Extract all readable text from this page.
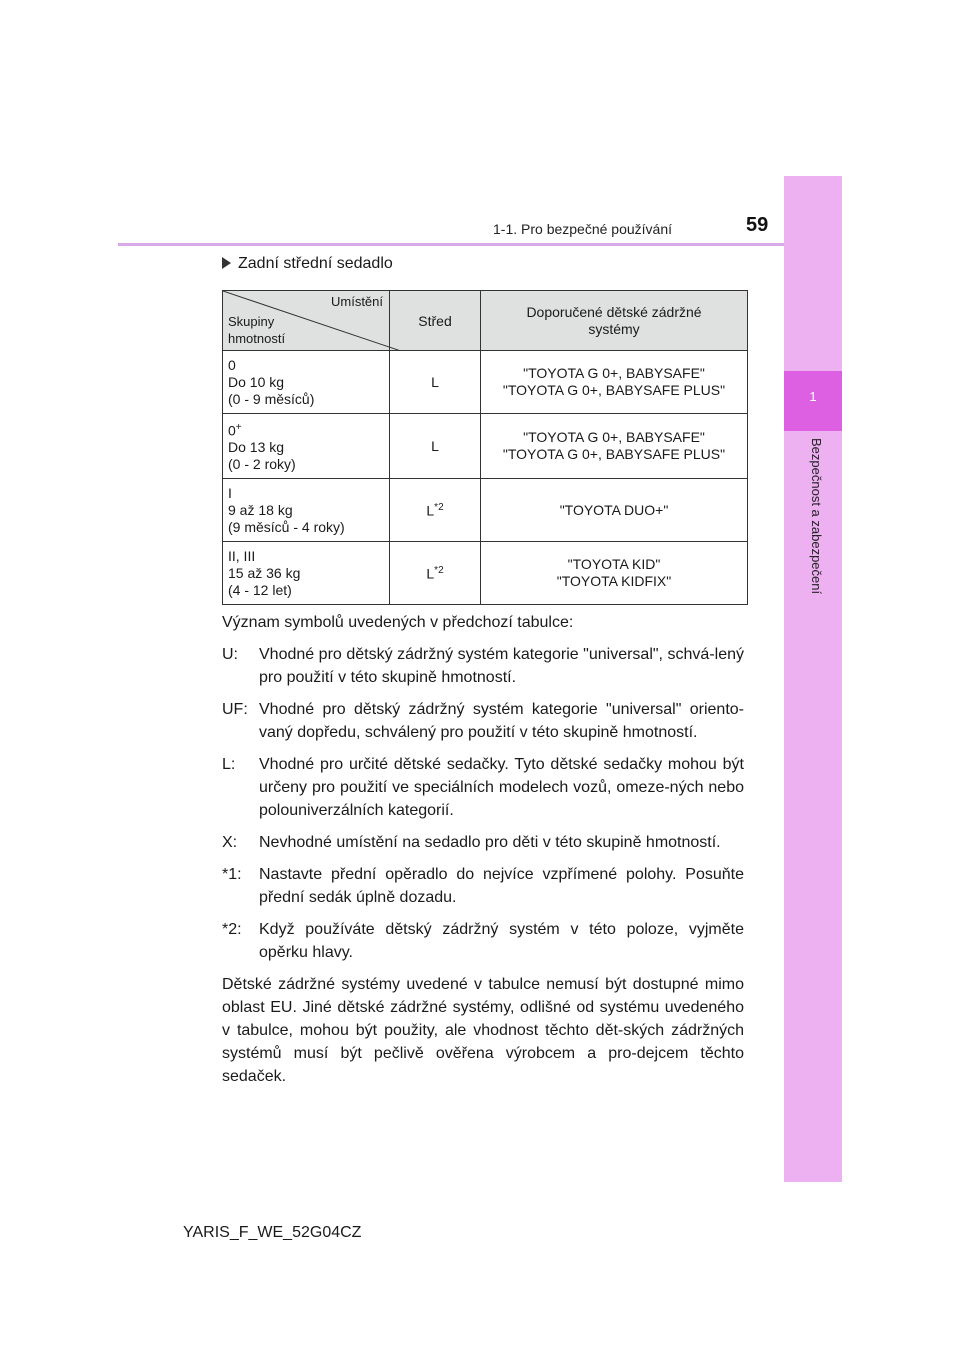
1-1. Pro bezpečné používání	59
1
Bezpečnost a zabezpečení
Zadní střední sedadlo
Umístění
Skupiny
hmotností	Střed	Doporučené dětské zádržné
systémy
0
Do 10 kg
(0 - 9 měsíců)	L	"TOYOTA G 0+, BABYSAFE"
"TOYOTA G 0+, BABYSAFE PLUS"
0+
Do 13 kg
(0 - 2 roky)	L	"TOYOTA G 0+, BABYSAFE"
"TOYOTA G 0+, BABYSAFE PLUS"
I
9 až 18 kg
(9 měsíců - 4 roky)	$L^{*2}$	"TOYOTA DUO+"
II, III
15 až 36 kg
(4 - 12 let)	$L^{*2}$	"TOYOTA KID"
"TOYOTA KIDFIX"

Význam symbolů uvedených v předchozí tabulce:

U:	Vhodné pro dětský zádržný systém kategorie "universal", schvá-lený pro použití v této skupině hmotností.
UF: Vhodné pro dětský zádržný systém kategorie "universal" oriento-vaný dopředu, schválený pro použití v této skupině hmotností.
L:	Vhodné pro určité dětské sedačky. Tyto dětské sedačky mohou být určeny pro použití ve speciálních modelech vozů, omeze-ných nebo polouniverzálních kategorií.
X:	Nevhodné umístění na sedadlo pro děti v této skupině hmotností.
*1:	Nastavte přední opěradlo do nejvíce vzpřímené polohy. Posuňte přední sedák úplně dozadu.
*2:	Když používáte dětský zádržný systém v této poloze, vyjměte opěrku hlavy.

Dětské zádržné systémy uvedené v tabulce nemusí být dostupné mimo oblast EU. Jiné dětské zádržné systémy, odlišné od systému uvedeného v tabulce, mohou být použity, ale vhodnost těchto dět-ských zádržných systémů musí být pečlivě ověřena výrobcem a pro-dejcem těchto sedaček.

YARIS_F_WE_52G04CZ
